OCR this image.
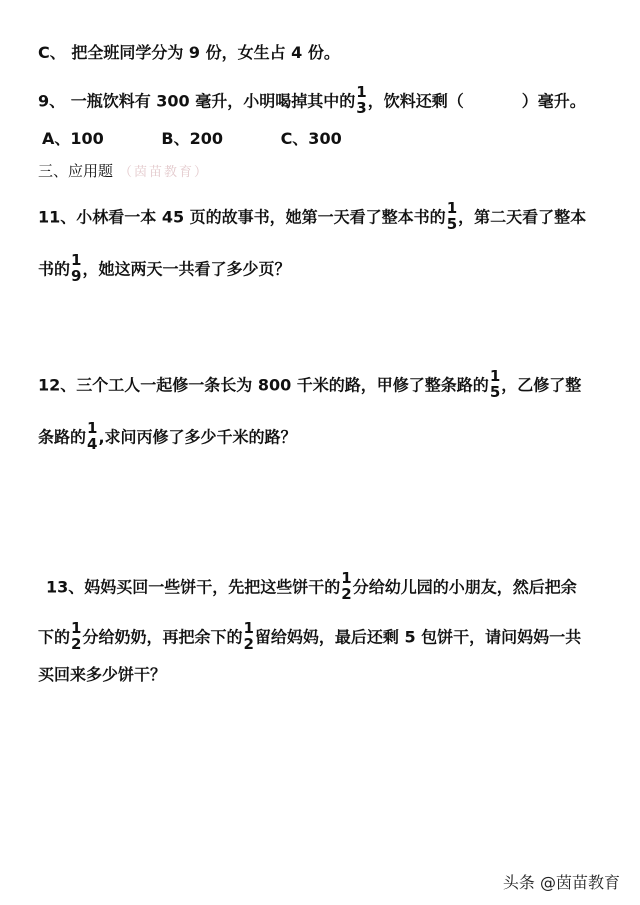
C、 把全班同学分为 9 份，女生占 4 份。
9、 一瓶饮料有 300 毫升，小明喝掉其中的 1
3 ，饮料还剩（	）毫升。
A、100	B、200	C、300
三、应用题 （茵苗教育）
11、小林看一本 45 页的故事书，她第一天看了整本书的 1
5 ，第二天看了整本
书的 1
9 ，她这两天一共看了多少页？
12、三个工人一起修一条长为 800 千米的路，甲修了整条路的 1
5 ，乙修了整
条路的 1
4 ,求问丙修了多少千米的路？
13、妈妈买回一些饼干，先把这些饼干的 1
2 分给幼儿园的小朋友，然后把余
下的 1
2 分给奶奶，再把余下的 1
2 留给妈妈，最后还剩 5 包饼干，请问妈妈一共
买回来多少饼干？
头条 @茵苗教育
